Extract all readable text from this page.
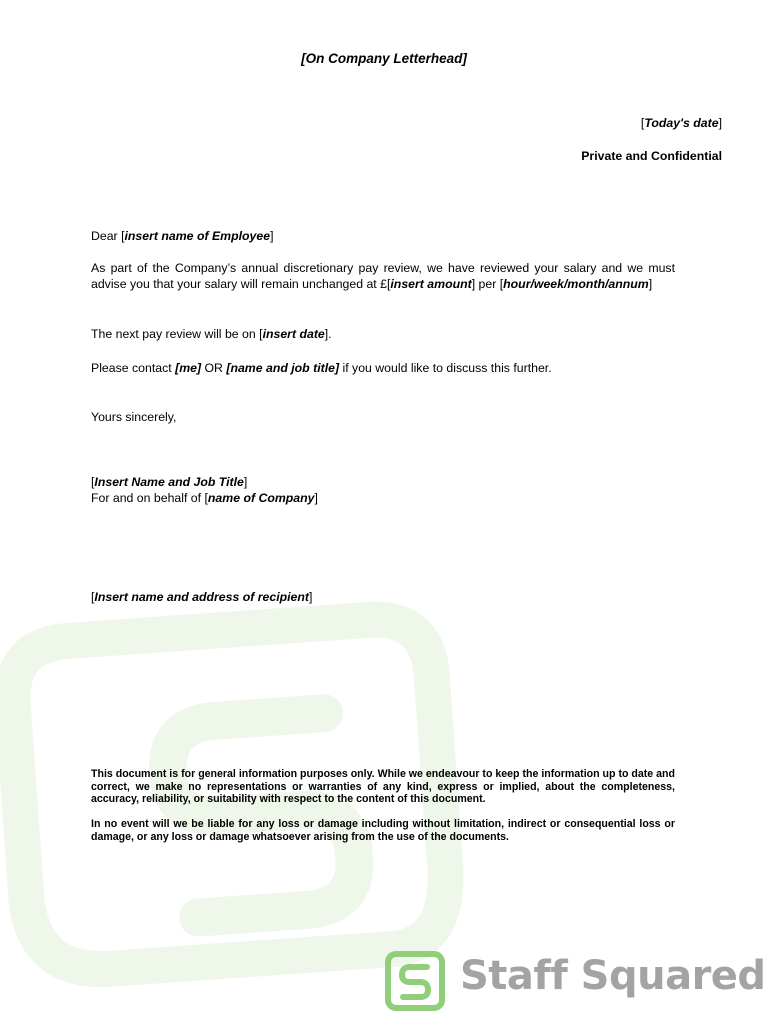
[On Company Letterhead]
[Today's date]
Private and Confidential
Dear [insert name of Employee]
As part of the Company’s annual discretionary pay review, we have reviewed your salary and we must advise you that your salary will remain unchanged at £[insert amount] per [hour/week/month/annum]
The next pay review will be on [insert date].
Please contact [me] OR [name and job title] if you would like to discuss this further.
Yours sincerely,
[Insert Name and Job Title]
For and on behalf of [name of Company]
[Insert name and address of recipient]
This document is for general information purposes only. While we endeavour to keep the information up to date and correct, we make no representations or warranties of any kind, express or implied, about the completeness, accuracy, reliability, or suitability with respect to the content of this document.
In no event will we be liable for any loss or damage including without limitation, indirect or consequential loss or damage, or any loss or damage whatsoever arising from the use of the documents.
Staff Squared
